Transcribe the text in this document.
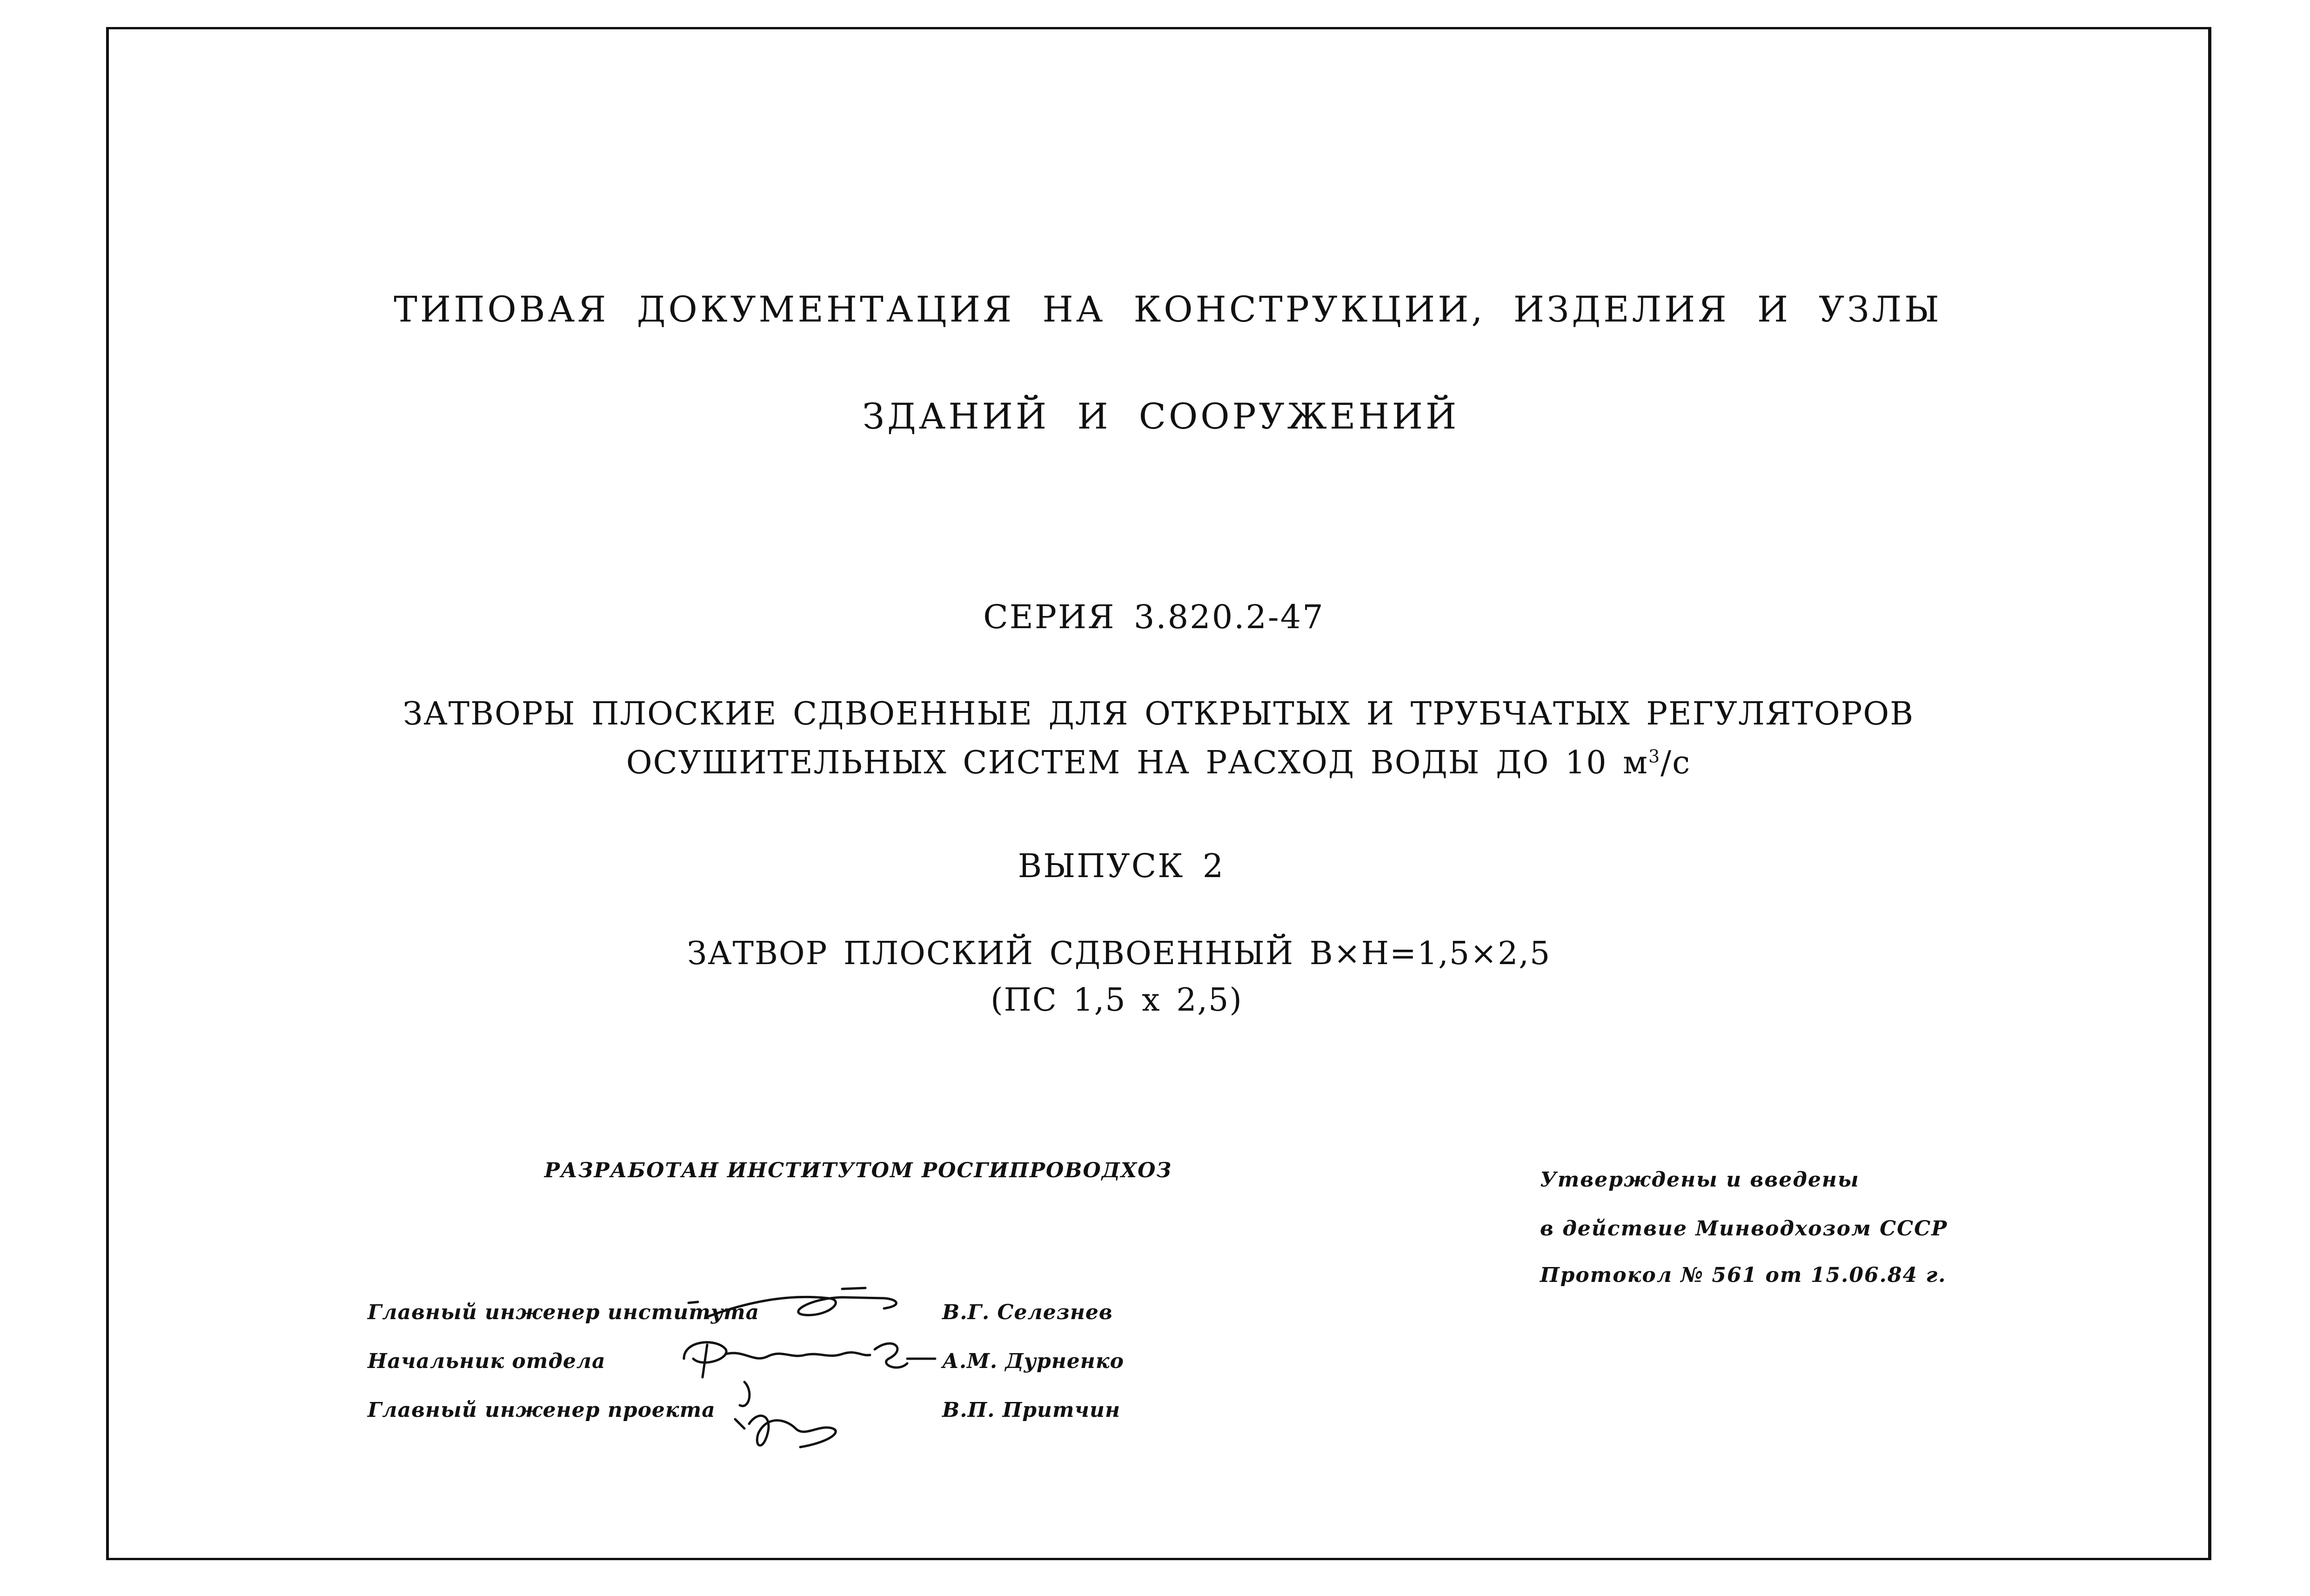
ТИПОВАЯ ДОКУМЕНТАЦИЯ НА КОНСТРУКЦИИ, ИЗДЕЛИЯ И УЗЛЫ
ЗДАНИЙ И СООРУЖЕНИЙ
СЕРИЯ 3.820.2-47
ЗАТВОРЫ ПЛОСКИЕ СДВОЕННЫЕ ДЛЯ ОТКРЫТЫХ И ТРУБЧАТЫХ РЕГУЛЯТОРОВ
ОСУШИТЕЛЬНЫХ СИСТЕМ НА РАСХОД ВОДЫ ДО 10 $м^3/с$
ВЫПУСК 2
ЗАТВОР ПЛОСКИЙ СДВОЕННЫЙ В×Н=1,5×2,5
(ПС 1,5 х 2,5)
РАЗРАБОТАН ИНСТИТУТОМ РОСГИПРОВОДХОЗ	Утверждены и введены
в действие Минводхозом СССР
Протокол № 561 от 15.06.84 г.
Главный инженер института	В.Г. Селезнев
Начальник отдела	А.М. Дурненко
Главный инженер проекта	В.П. Притчин
